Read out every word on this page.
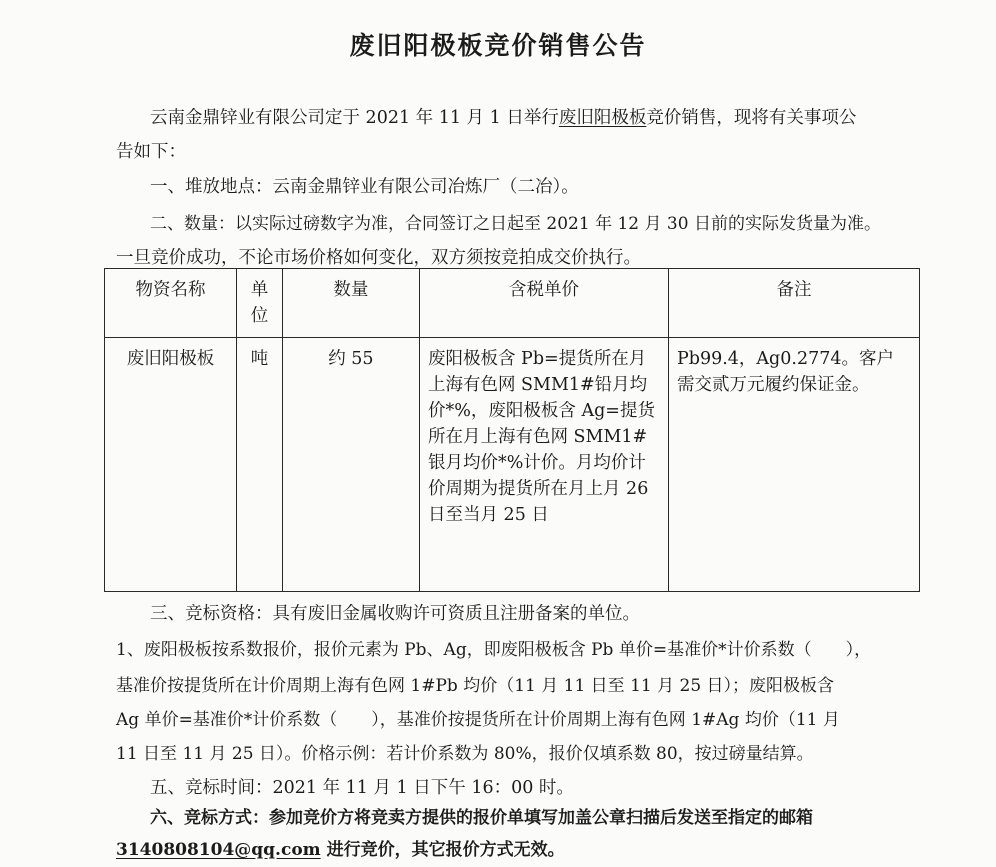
废旧阳极板竞价销售公告
云南金鼎锌业有限公司定于 2021 年 11 月 1 日举行废旧阳极板竞价销售，现将有关事项公
告如下：
一、堆放地点：云南金鼎锌业有限公司冶炼厂（二冶）。
二、数量：以实际过磅数字为准，合同签订之日起至 2021 年 12 月 30 日前的实际发货量为准。
一旦竞价成功，不论市场价格如何变化，双方须按竞拍成交价执行。
物资名称	单位	数量	含税单价	备注
废旧阳极板	吨	约 55	废阳极板含 Pb=提货所在月上海有色网 SMM1#铅月均价*%，废阳极板含 Ag=提货所在月上海有色网 SMM1#银月均价*%计价。月均价计价周期为提货所在月上月 26 日至当月 25 日	Pb99.4，Ag0.2774。客户需交贰万元履约保证金。
三、竞标资格：具有废旧金属收购许可资质且注册备案的单位。
1、废阳极板按系数报价，报价元素为 Pb、Ag，即废阳极板含 Pb 单价=基准价*计价系数（　　），
基准价按提货所在计价周期上海有色网 1#Pb 均价（11 月 11 日至 11 月 25 日）；废阳极板含
Ag 单价=基准价*计价系数（　　），基准价按提货所在计价周期上海有色网 1#Ag 均价（11 月
11 日至 11 月 25 日）。价格示例：若计价系数为 80%，报价仅填系数 80，按过磅量结算。
五、竞标时间：2021 年 11 月 1 日下午 16：00 时。
六、竞标方式：参加竞价方将竞卖方提供的报价单填写加盖公章扫描后发送至指定的邮箱
3140808104@qq.com 进行竞价，其它报价方式无效。
